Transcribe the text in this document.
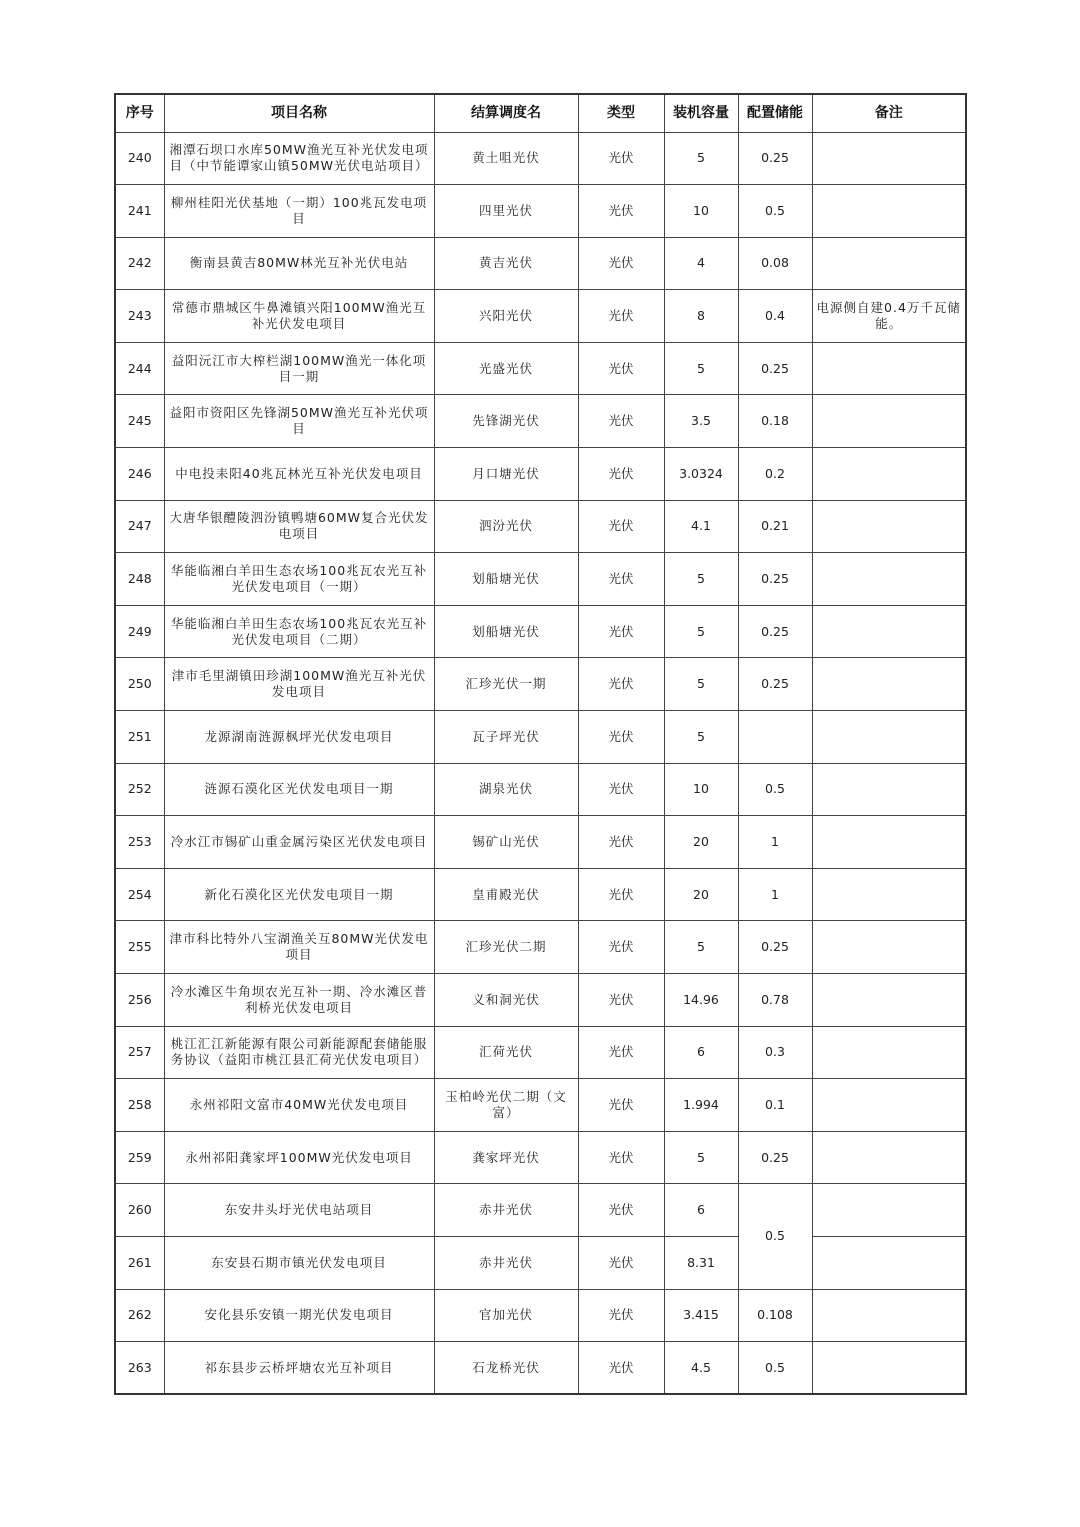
序号	项目名称	结算调度名	类型	装机容量	配置储能	备注
240	湘潭石坝口水库50MW渔光互补光伏发电项目（中节能谭家山镇50MW光伏电站项目）	黄土咀光伏	光伏	5	0.25	
241	柳州桂阳光伏基地（一期）100兆瓦发电项目	四里光伏	光伏	10	0.5	
242	衡南县黄吉80MW林光互补光伏电站	黄吉光伏	光伏	4	0.08	
243	常德市鼎城区牛鼻滩镇兴阳100MW渔光互补光伏发电项目	兴阳光伏	光伏	8	0.4	电源侧自建0.4万千瓦储能。
244	益阳沅江市大榨栏湖100MW渔光一体化项目一期	光盛光伏	光伏	5	0.25	
245	益阳市资阳区先锋湖50MW渔光互补光伏项目	先锋湖光伏	光伏	3.5	0.18	
246	中电投耒阳40兆瓦林光互补光伏发电项目	月口塘光伏	光伏	3.0324	0.2	
247	大唐华银醴陵泗汾镇鸭塘60MW复合光伏发电项目	泗汾光伏	光伏	4.1	0.21	
248	华能临湘白羊田生态农场100兆瓦农光互补光伏发电项目（一期）	划船塘光伏	光伏	5	0.25	
249	华能临湘白羊田生态农场100兆瓦农光互补光伏发电项目（二期）	划船塘光伏	光伏	5	0.25	
250	津市毛里湖镇田珍湖100MW渔光互补光伏发电项目	汇珍光伏一期	光伏	5	0.25	
251	龙源湖南涟源枫坪光伏发电项目	瓦子坪光伏	光伏	5		
252	涟源石漠化区光伏发电项目一期	湖泉光伏	光伏	10	0.5	
253	冷水江市锡矿山重金属污染区光伏发电项目	锡矿山光伏	光伏	20	1	
254	新化石漠化区光伏发电项目一期	皇甫殿光伏	光伏	20	1	
255	津市科比特外八宝湖渔关互80MW光伏发电项目	汇珍光伏二期	光伏	5	0.25	
256	冷水滩区牛角坝农光互补一期、冷水滩区普利桥光伏发电项目	义和洞光伏	光伏	14.96	0.78	
257	桃江汇江新能源有限公司新能源配套储能服务协议（益阳市桃江县汇荷光伏发电项目）	汇荷光伏	光伏	6	0.3	
258	永州祁阳文富市40MW光伏发电项目	玉柏岭光伏二期（文富）	光伏	1.994	0.1	
259	永州祁阳龚家坪100MW光伏发电项目	龚家坪光伏	光伏	5	0.25	
260	东安井头圩光伏电站项目	赤井光伏	光伏	6	0.5	
261	东安县石期市镇光伏发电项目	赤井光伏	光伏	8.31		
262	安化县乐安镇一期光伏发电项目	官加光伏	光伏	3.415	0.108	
263	祁东县步云桥坪塘农光互补项目	石龙桥光伏	光伏	4.5	0.5	
